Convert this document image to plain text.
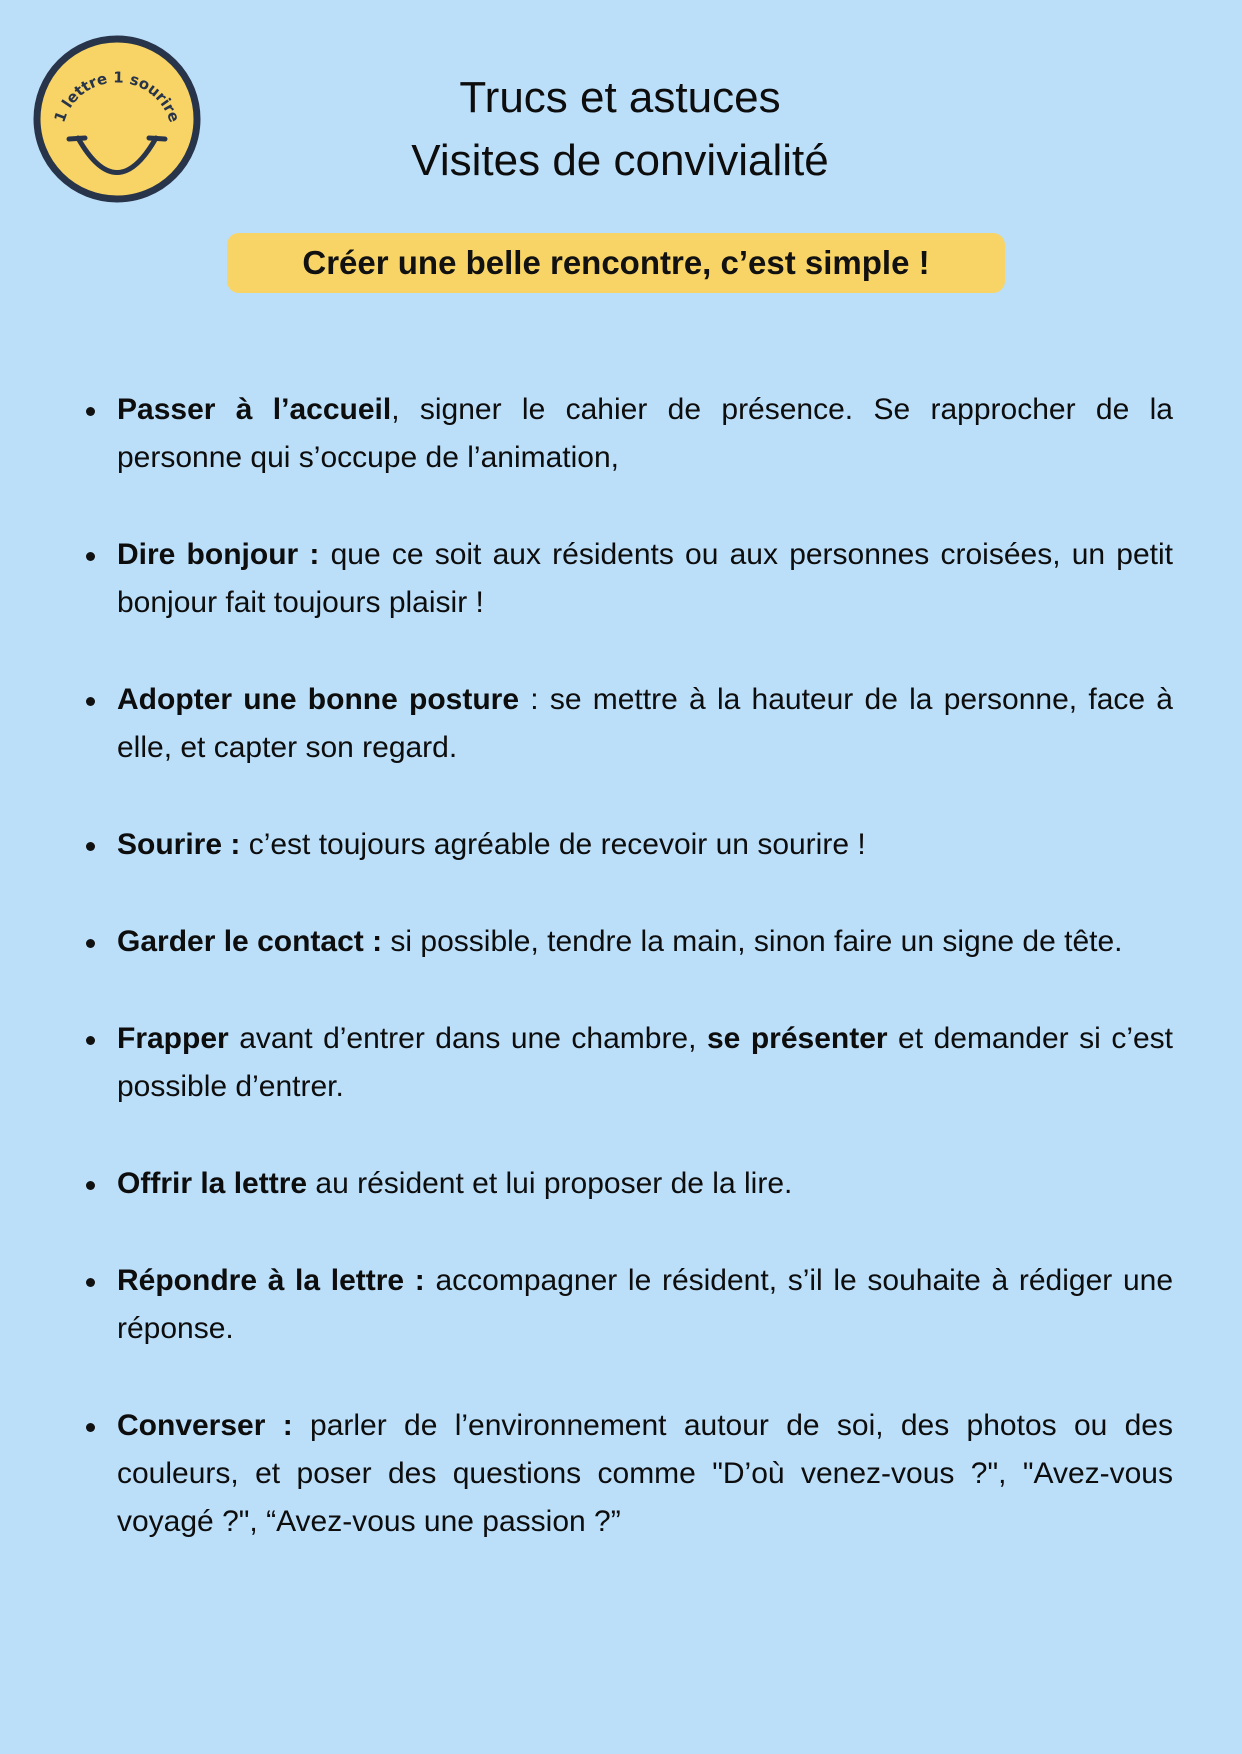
1 lettre 1 sourire	Trucs et astuces
Visites de convivialité
Créer une belle rencontre, c’est simple !
Passer à l’accueil, signer le cahier de présence. Se rapprocher de la personne qui s’occupe de l’animation,
Dire bonjour : que ce soit aux résidents ou aux personnes croisées, un petit bonjour fait toujours plaisir !
Adopter une bonne posture : se mettre à la hauteur de la personne, face à elle, et capter son regard.
Sourire : c’est toujours agréable de recevoir un sourire !
Garder le contact : si possible, tendre la main, sinon faire un signe de tête.
Frapper avant d’entrer dans une chambre, se présenter et demander si c’est possible d’entrer.
Offrir la lettre au résident et lui proposer de la lire.
Répondre à la lettre : accompagner le résident, s’il le souhaite à rédiger une réponse.
Converser : parler de l’environnement autour de soi, des photos ou des couleurs, et poser des questions comme "D’où venez-vous ?", "Avez-vous voyagé ?", “Avez-vous une passion ?”
